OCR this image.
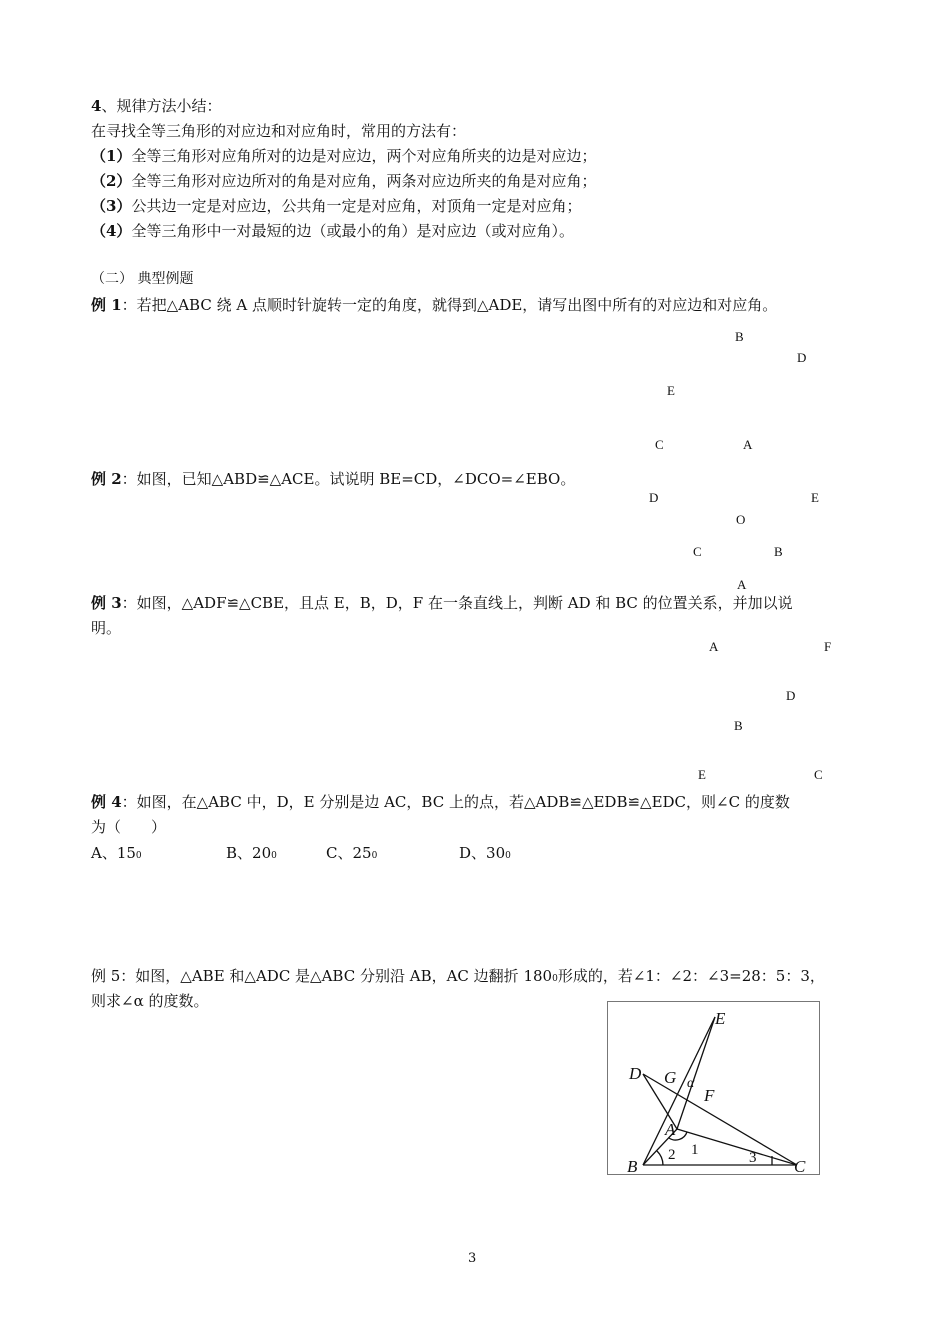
4、规律方法小结：
在寻找全等三角形的对应边和对应角时，常用的方法有：
（1）全等三角形对应角所对的边是对应边，两个对应角所夹的边是对应边；
（2）全等三角形对应边所对的角是对应角，两条对应边所夹的角是对应角；
（3）公共边一定是对应边，公共角一定是对应角，对顶角一定是对应角；
（4）全等三角形中一对最短的边（或最小的角）是对应边（或对应角）。
（二） 典型例题
例 1：若把△ABC 绕 A 点顺时针旋转一定的角度，就得到△ADE，请写出图中所有的对应边和对应角。
B
D
E
C	A
例 2：如图，已知△ABD≌△ACE。试说明 BE=CD，∠DCO=∠EBO。
D	E
O
C	B
A
例 3：如图，△ADF≌△CBE，且点 E，B，D，F 在一条直线上，判断 AD 和 BC 的位置关系，并加以说
明。
A	F
D
B
E	C
例 4：如图，在△ABC 中，D，E 分别是边 AC，BC 上的点，若△ADB≌△EDB≌△EDC，则∠C 的度数
为（　　）
A、150	B、200	C、250	D、300
例 5：如图，△ABE 和△ADC 是△ABC 分别沿 AB，AC 边翻折 1800形成的，若∠1：∠2：∠3=28：5：3，
则求∠α 的度数。
E
D G α
F
A
B	C
1
2	3
3
